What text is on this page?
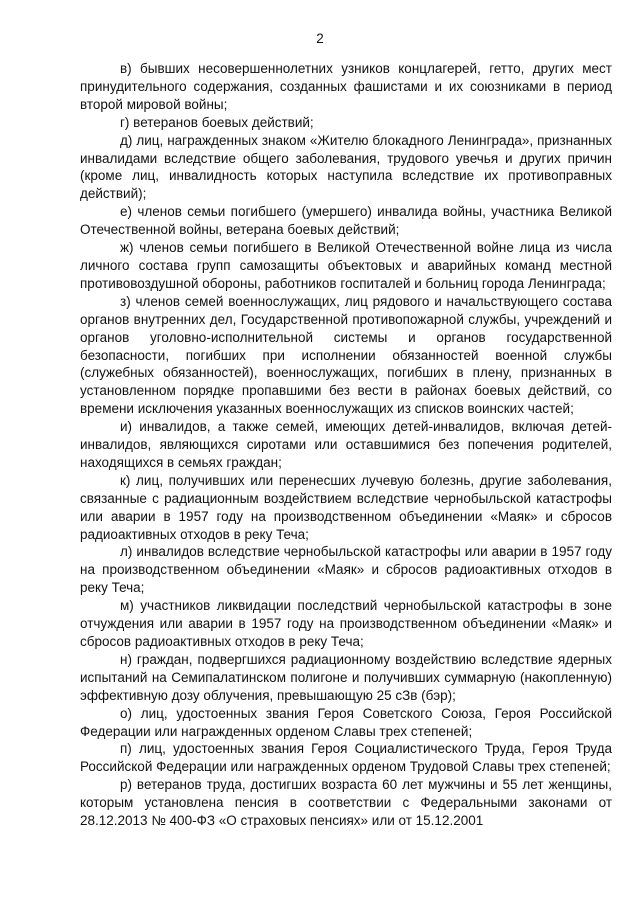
2

в) бывших несовершеннолетних узников концлагерей, гетто, других мест принудительного содержания, созданных фашистами и их союзниками в период второй мировой войны;

г) ветеранов боевых действий;

д) лиц, награжденных знаком «Жителю блокадного Ленинграда», признанных инвалидами вследствие общего заболевания, трудового увечья и других причин (кроме лиц, инвалидность которых наступила вследствие их противоправных действий);

е) членов семьи погибшего (умершего) инвалида войны, участника Великой Отечественной войны, ветерана боевых действий;

ж) членов семьи погибшего в Великой Отечественной войне лица из числа личного состава групп самозащиты объектовых и аварийных команд местной противовоздушной обороны, работников госпиталей и больниц города Ленинграда;

з) членов семей военнослужащих, лиц рядового и начальствующего состава органов внутренних дел, Государственной противопожарной службы, учреждений и органов уголовно-исполнительной системы и органов государственной безопасности, погибших при исполнении обязанностей военной службы (служебных обязанностей), военнослужащих, погибших в плену, признанных в установленном порядке пропавшими без вести в районах боевых действий, со времени исключения указанных военнослужащих из списков воинских частей;

и) инвалидов, а также семей, имеющих детей-инвалидов, включая детей-инвалидов, являющихся сиротами или оставшимися без попечения родителей, находящихся в семьях граждан;

к) лиц, получивших или перенесших лучевую болезнь, другие заболевания, связанные с радиационным воздействием вследствие чернобыльской катастрофы или аварии в 1957 году на производственном объединении «Маяк» и сбросов радиоактивных отходов в реку Теча;

л) инвалидов вследствие чернобыльской катастрофы или аварии в 1957 году на производственном объединении «Маяк» и сбросов радиоактивных отходов в реку Теча;

м) участников ликвидации последствий чернобыльской катастрофы в зоне отчуждения или аварии в 1957 году на производственном объединении «Маяк» и сбросов радиоактивных отходов в реку Теча;

н) граждан, подвергшихся радиационному воздействию вследствие ядерных испытаний на Семипалатинском полигоне и получивших суммарную (накопленную) эффективную дозу облучения, превышающую 25 сЗв (бэр);

о) лиц, удостоенных звания Героя Советского Союза, Героя Российской Федерации или награжденных орденом Славы трех степеней;

п) лиц, удостоенных звания Героя Социалистического Труда, Героя Труда Российской Федерации или награжденных орденом Трудовой Славы трех степеней;

р) ветеранов труда, достигших возраста 60 лет мужчины и 55 лет женщины, которым установлена пенсия в соответствии с Федеральными законами от 28.12.2013 № 400-ФЗ «О страховых пенсиях» или от 15.12.2001
